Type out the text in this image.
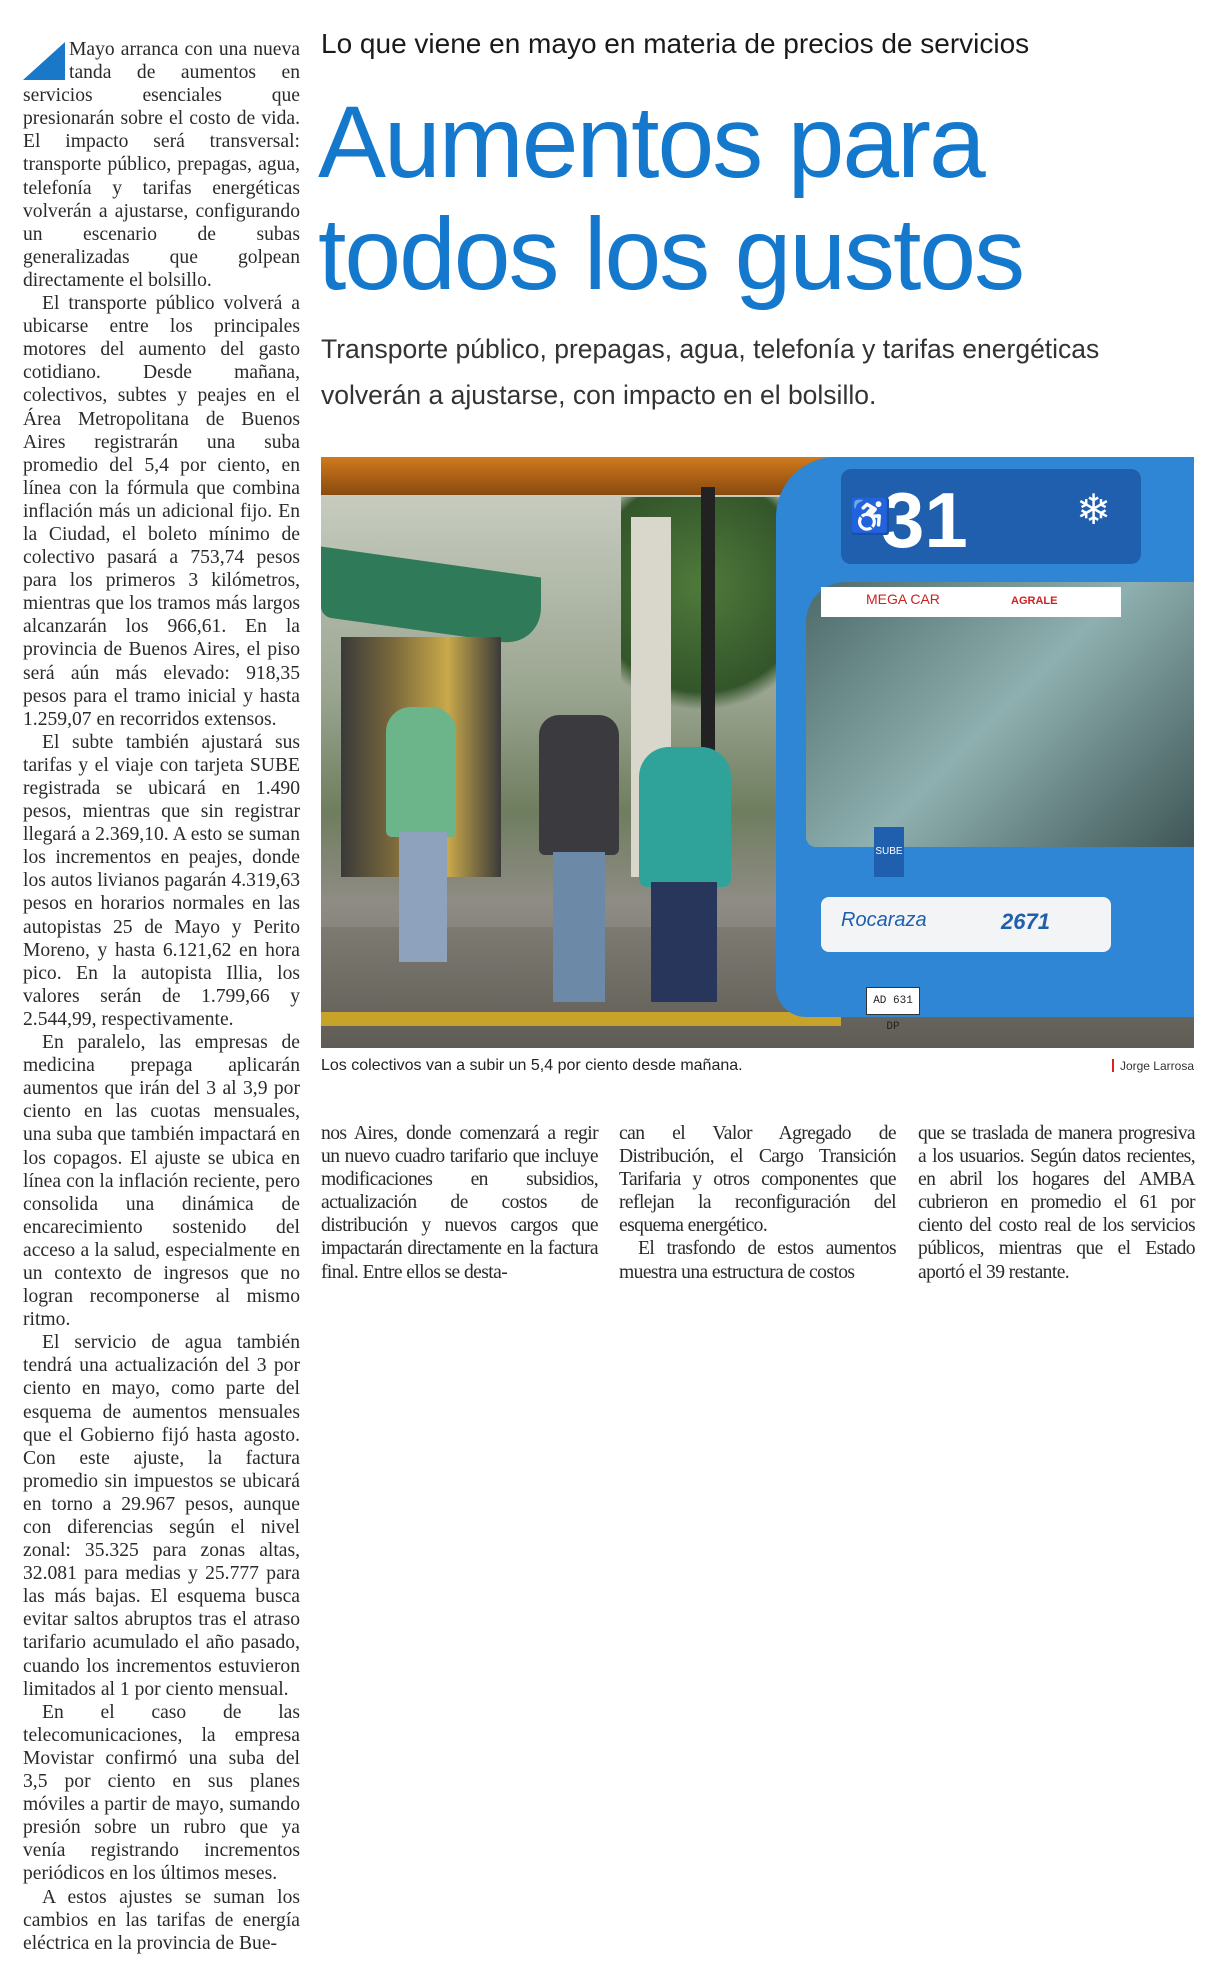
Mayo arranca con una nueva tanda de aumentos en servicios esenciales que presionarán sobre el costo de vida. El impacto será transversal: transporte público, prepagas, agua, telefonía y tarifas energéticas volverán a ajustarse, configurando un escenario de subas generalizadas que golpean directamente el bolsillo.

El transporte público volverá a ubicarse entre los principales motores del aumento del gasto cotidiano. Desde mañana, colectivos, subtes y peajes en el Área Metropolitana de Buenos Aires registrarán una suba promedio del 5,4 por ciento, en línea con la fórmula que combina inflación más un adicional fijo. En la Ciudad, el boleto mínimo de colectivo pasará a 753,74 pesos para los primeros 3 kilómetros, mientras que los tramos más largos alcanzarán los 966,61. En la provincia de Buenos Aires, el piso será aún más elevado: 918,35 pesos para el tramo inicial y hasta 1.259,07 en recorridos extensos.

El subte también ajustará sus tarifas y el viaje con tarjeta SUBE registrada se ubicará en 1.490 pesos, mientras que sin registrar llegará a 2.369,10. A esto se suman los incrementos en peajes, donde los autos livianos pagarán 4.319,63 pesos en horarios normales en las autopistas 25 de Mayo y Perito Moreno, y hasta 6.121,62 en hora pico. En la autopista Illia, los valores serán de 1.799,66 y 2.544,99, respectivamente.

En paralelo, las empresas de medicina prepaga aplicarán aumentos que irán del 3 al 3,9 por ciento en las cuotas mensuales, una suba que también impactará en los copagos. El ajuste se ubica en línea con la inflación reciente, pero consolida una dinámica de encarecimiento sostenido del acceso a la salud, especialmente en un contexto de ingresos que no logran recomponerse al mismo ritmo.

El servicio de agua también tendrá una actualización del 3 por ciento en mayo, como parte del esquema de aumentos mensuales que el Gobierno fijó hasta agosto. Con este ajuste, la factura promedio sin impuestos se ubicará en torno a 29.967 pesos, aunque con diferencias según el nivel zonal: 35.325 para zonas altas, 32.081 para medias y 25.777 para las más bajas. El esquema busca evitar saltos abruptos tras el atraso tarifario acumulado el año pasado, cuando los incrementos estuvieron limitados al 1 por ciento mensual.

En el caso de las telecomunicaciones, la empresa Movistar confirmó una suba del 3,5 por ciento en sus planes móviles a partir de mayo, sumando presión sobre un rubro que ya venía registrando incrementos periódicos en los últimos meses.

A estos ajustes se suman los cambios en las tarifas de energía eléctrica en la provincia de Bue-

Lo que viene en mayo en materia de precios de servicios
Aumentos para
todos los gustos
Transporte público, prepagas, agua, telefonía y tarifas energéticas volverán a ajustarse, con impacto en el bolsillo.
31
♿	❄
MEGA CAR	AGRALE
SUBE
Rocaraza	2671
AD 631 DP
Los colectivos van a subir un 5,4 por ciento desde mañana.	Jorge Larrosa

nos Aires, donde comenzará a regir un nuevo cuadro tarifario que incluye modificaciones en subsidios, actualización de costos de distribución y nuevos cargos que impactarán directamente en la factura final. Entre ellos se desta-

can el Valor Agregado de Distribución, el Cargo Transición Tarifaria y otros componentes que reflejan la reconfiguración del esquema energético.

El trasfondo de estos aumentos muestra una estructura de costos

que se traslada de manera progresiva a los usuarios. Según datos recientes, en abril los hogares del AMBA cubrieron en promedio el 61 por ciento del costo real de los servicios públicos, mientras que el Estado aportó el 39 restante.
